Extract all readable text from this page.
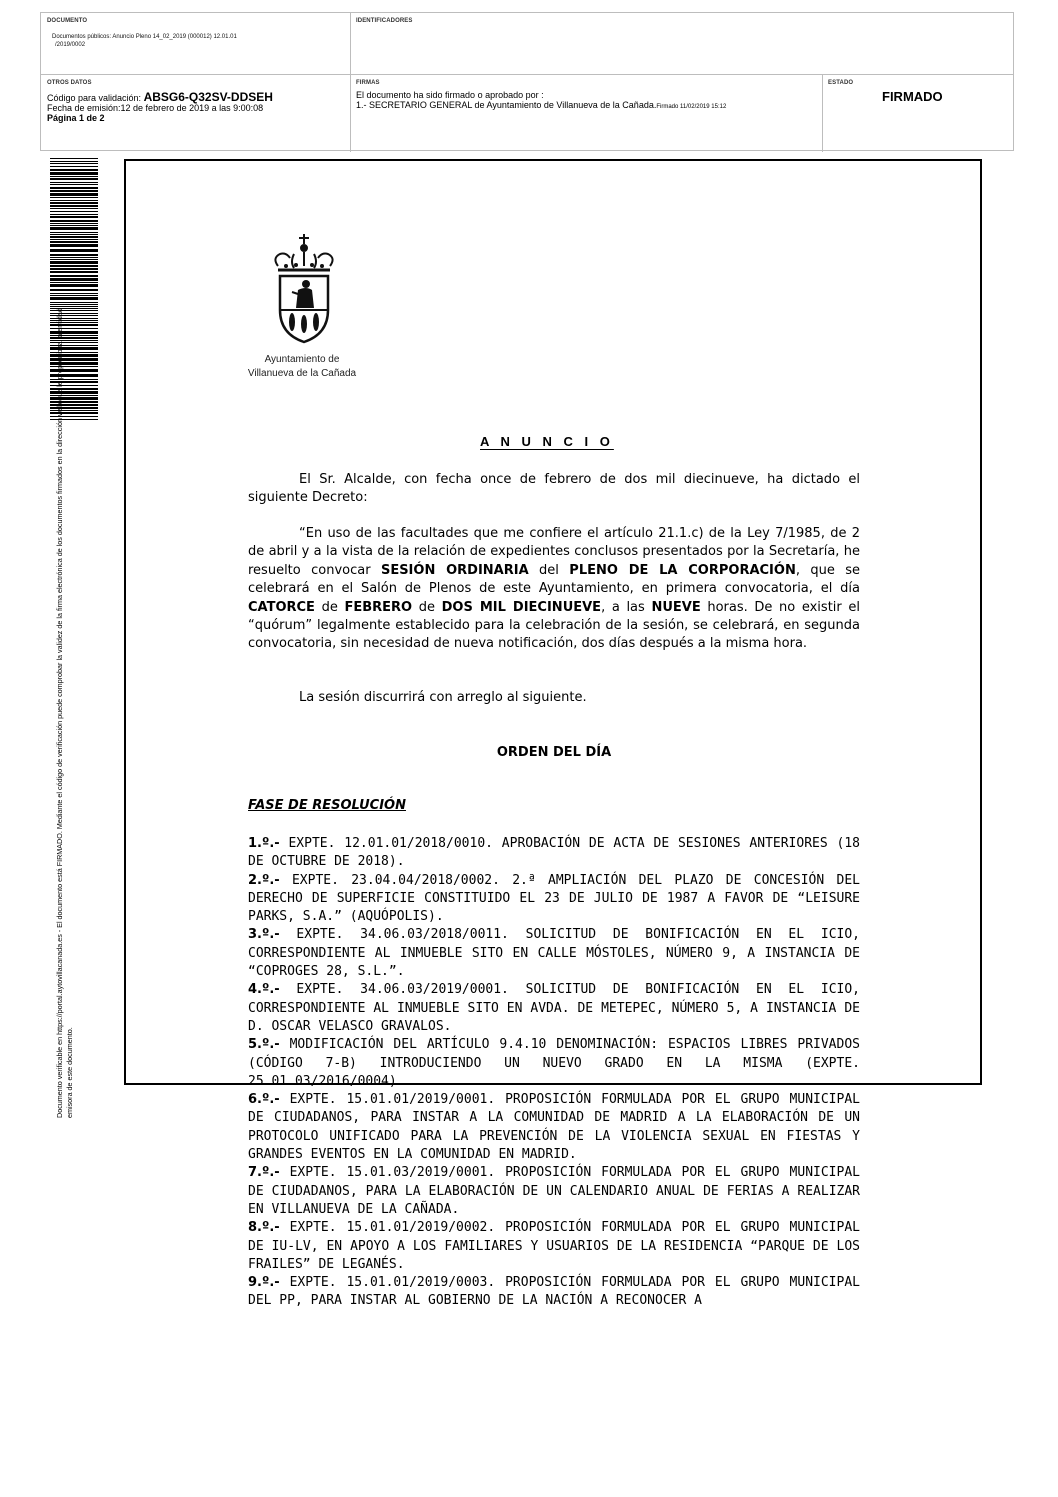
DOCUMENTO
Documentos públicos: Anuncio Pleno 14_02_2019 (000012) 12.01.01
/2019/0002
IDENTIFICADORES
OTROS DATOS
Código para validación: ABSG6-Q32SV-DDSEH
Fecha de emisión:12 de febrero de 2019 a las 9:00:08
Página 1 de 2
FIRMAS
El documento ha sido firmado o aprobado por :
1.- SECRETARIO GENERAL de Ayuntamiento de Villanueva de la Cañada.Firmado 11/02/2019 15:12
ESTADO
FIRMADO
Documento verificable en https://portal.aytovillacanada.es - El documento está FIRMADO. Mediante el código de verificación puede comprobar la validez de la firma electrónica de los documentos firmados en la dirección web que le proporciona la entidad emisora de este documento.
Ayuntamiento de
Villanueva de la Cañada
A N U N C I O
El Sr. Alcalde, con fecha once de febrero de dos mil diecinueve, ha dictado el siguiente Decreto:
“En uso de las facultades que me confiere el artículo 21.1.c) de la Ley 7/1985, de 2 de abril y a la vista de la relación de expedientes conclusos presentados por la Secretaría, he resuelto convocar SESIÓN ORDINARIA del PLENO DE LA CORPORACIÓN, que se celebrará en el Salón de Plenos de este Ayuntamiento, en primera convocatoria, el día CATORCE de FEBRERO de DOS MIL DIECINUEVE, a las NUEVE horas. De no existir el “quórum” legalmente establecido para la celebración de la sesión, se celebrará, en segunda convocatoria, sin necesidad de nueva notificación, dos días después a la misma hora.
La sesión discurrirá con arreglo al siguiente.
ORDEN DEL DÍA
FASE DE RESOLUCIÓN

1.º.- EXPTE. 12.01.01/2018/0010. APROBACIÓN DE ACTA DE SESIONES ANTERIORES (18 DE OCTUBRE DE 2018).

2.º.- EXPTE. 23.04.04/2018/0002. 2.ª AMPLIACIÓN DEL PLAZO DE CONCESIÓN DEL DERECHO DE SUPERFICIE CONSTITUIDO EL 23 DE JULIO DE 1987 A FAVOR DE “LEISURE PARKS, S.A.” (AQUÓPOLIS).

3.º.- EXPTE. 34.06.03/2018/0011. SOLICITUD DE BONIFICACIÓN EN EL ICIO, CORRESPONDIENTE AL INMUEBLE SITO EN CALLE MÓSTOLES, NÚMERO 9, A INSTANCIA DE “COPROGES 28, S.L.”.

4.º.- EXPTE. 34.06.03/2019/0001. SOLICITUD DE BONIFICACIÓN EN EL ICIO, CORRESPONDIENTE AL INMUEBLE SITO EN AVDA. DE METEPEC, NÚMERO 5, A INSTANCIA DE D. OSCAR VELASCO GRAVALOS.

5.º.- MODIFICACIÓN DEL ARTÍCULO 9.4.10 DENOMINACIÓN: ESPACIOS LIBRES PRIVADOS (CÓDIGO 7-B) INTRODUCIENDO UN NUEVO GRADO EN LA MISMA (EXPTE. 25.01.03/2016/0004).

6.º.- EXPTE. 15.01.01/2019/0001. PROPOSICIÓN FORMULADA POR EL GRUPO MUNICIPAL DE CIUDADANOS, PARA INSTAR A LA COMUNIDAD DE MADRID A LA ELABORACIÓN DE UN PROTOCOLO UNIFICADO PARA LA PREVENCIÓN DE LA VIOLENCIA SEXUAL EN FIESTAS Y GRANDES EVENTOS EN LA COMUNIDAD EN MADRID.

7.º.- EXPTE. 15.01.03/2019/0001. PROPOSICIÓN FORMULADA POR EL GRUPO MUNICIPAL DE CIUDADANOS, PARA LA ELABORACIÓN DE UN CALENDARIO ANUAL DE FERIAS A REALIZAR EN VILLANUEVA DE LA CAÑADA.

8.º.- EXPTE. 15.01.01/2019/0002. PROPOSICIÓN FORMULADA POR EL GRUPO MUNICIPAL DE IU-LV, EN APOYO A LOS FAMILIARES Y USUARIOS DE LA RESIDENCIA “PARQUE DE LOS FRAILES” DE LEGANÉS.

9.º.- EXPTE. 15.01.01/2019/0003. PROPOSICIÓN FORMULADA POR EL GRUPO MUNICIPAL DEL PP, PARA INSTAR AL GOBIERNO DE LA NACIÓN A RECONOCER A
